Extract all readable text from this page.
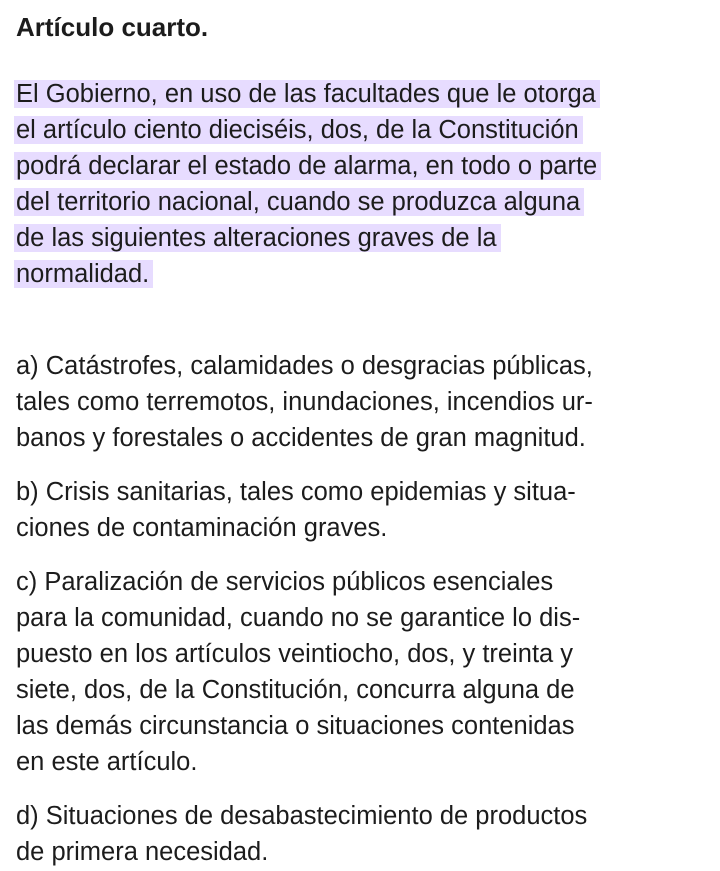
Artículo cuarto.
El Gobierno, en uso de las facultades que le otorga
el artículo ciento dieciséis, dos, de la Constitución
podrá declarar el estado de alarma, en todo o parte
del territorio nacional, cuando se produzca alguna
de las siguientes alteraciones graves de la
normalidad.
a) Catástrofes, calamidades o desgracias públicas,
tales como terremotos, inundaciones, incendios ur-
banos y forestales o accidentes de gran magnitud.
b) Crisis sanitarias, tales como epidemias y situa-
ciones de contaminación graves.
c) Paralización de servicios públicos esenciales
para la comunidad, cuando no se garantice lo dis-
puesto en los artículos veintiocho, dos, y treinta y
siete, dos, de la Constitución, concurra alguna de
las demás circunstancia o situaciones contenidas
en este artículo.
d) Situaciones de desabastecimiento de productos
de primera necesidad.
